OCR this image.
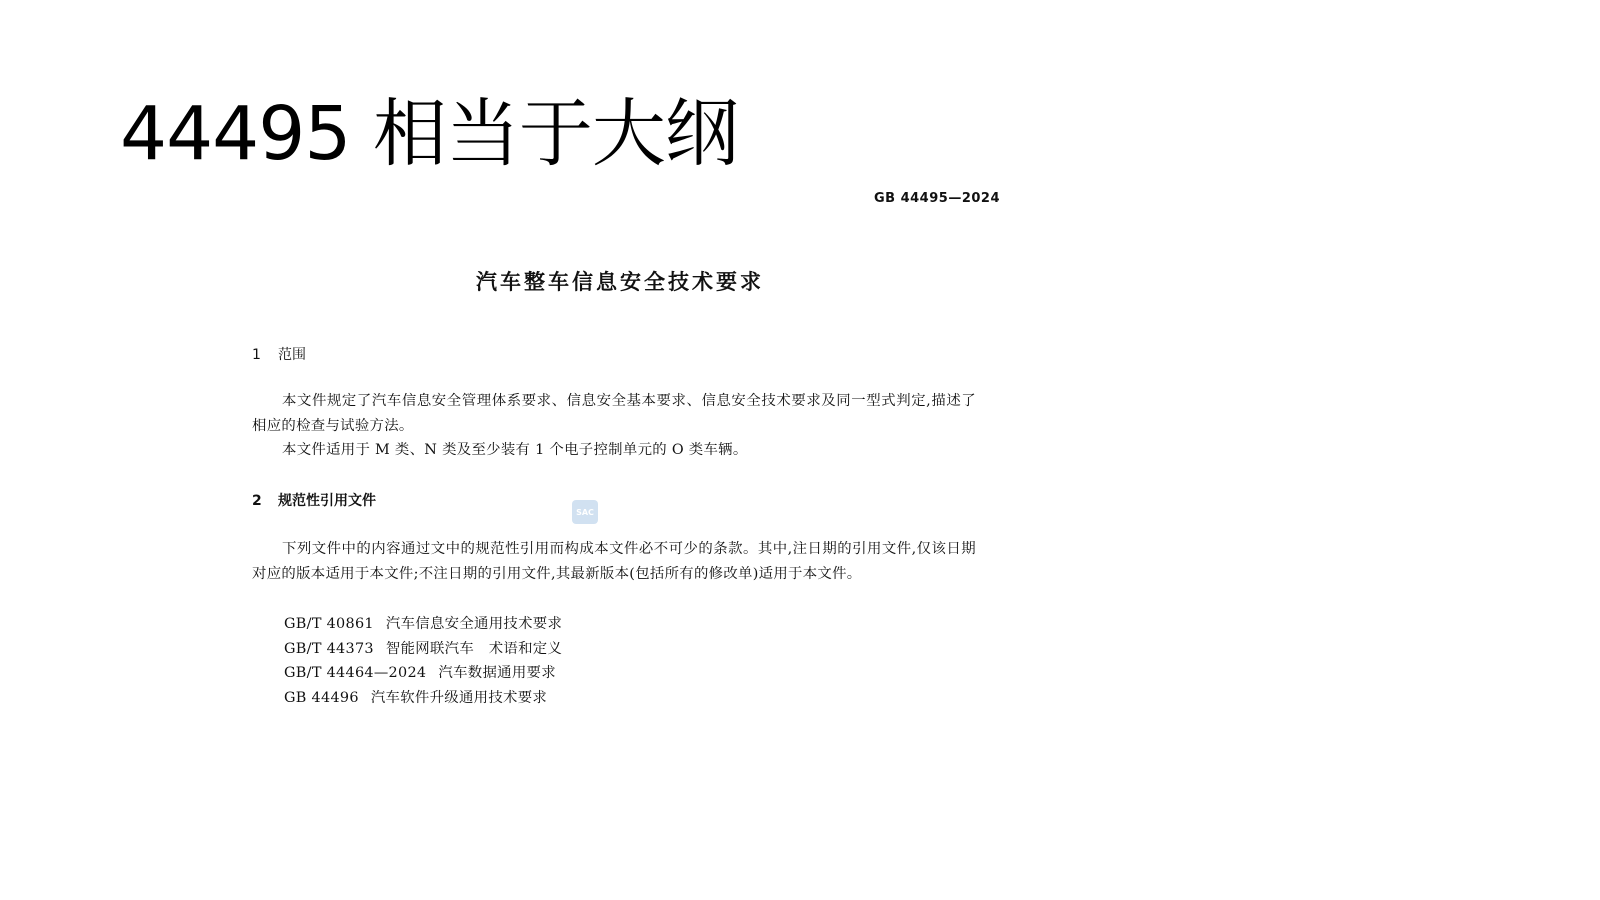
44495 相当于大纲
GB 44495—2024
汽车整车信息安全技术要求
1 范围

本文件规定了汽车信息安全管理体系要求、信息安全基本要求、信息安全技术要求及同一型式判定,描述了相应的检查与试验方法。

本文件适用于 M 类、N 类及至少装有 1 个电子控制单元的 O 类车辆。

2 规范性引用文件
SAC

下列文件中的内容通过文中的规范性引用而构成本文件必不可少的条款。其中,注日期的引用文件,仅该日期对应的版本适用于本文件;不注日期的引用文件,其最新版本(包括所有的修改单)适用于本文件。

GB/T 40861 汽车信息安全通用技术要求
GB/T 44373 智能网联汽车　术语和定义
GB/T 44464—2024 汽车数据通用要求
GB 44496 汽车软件升级通用技术要求
